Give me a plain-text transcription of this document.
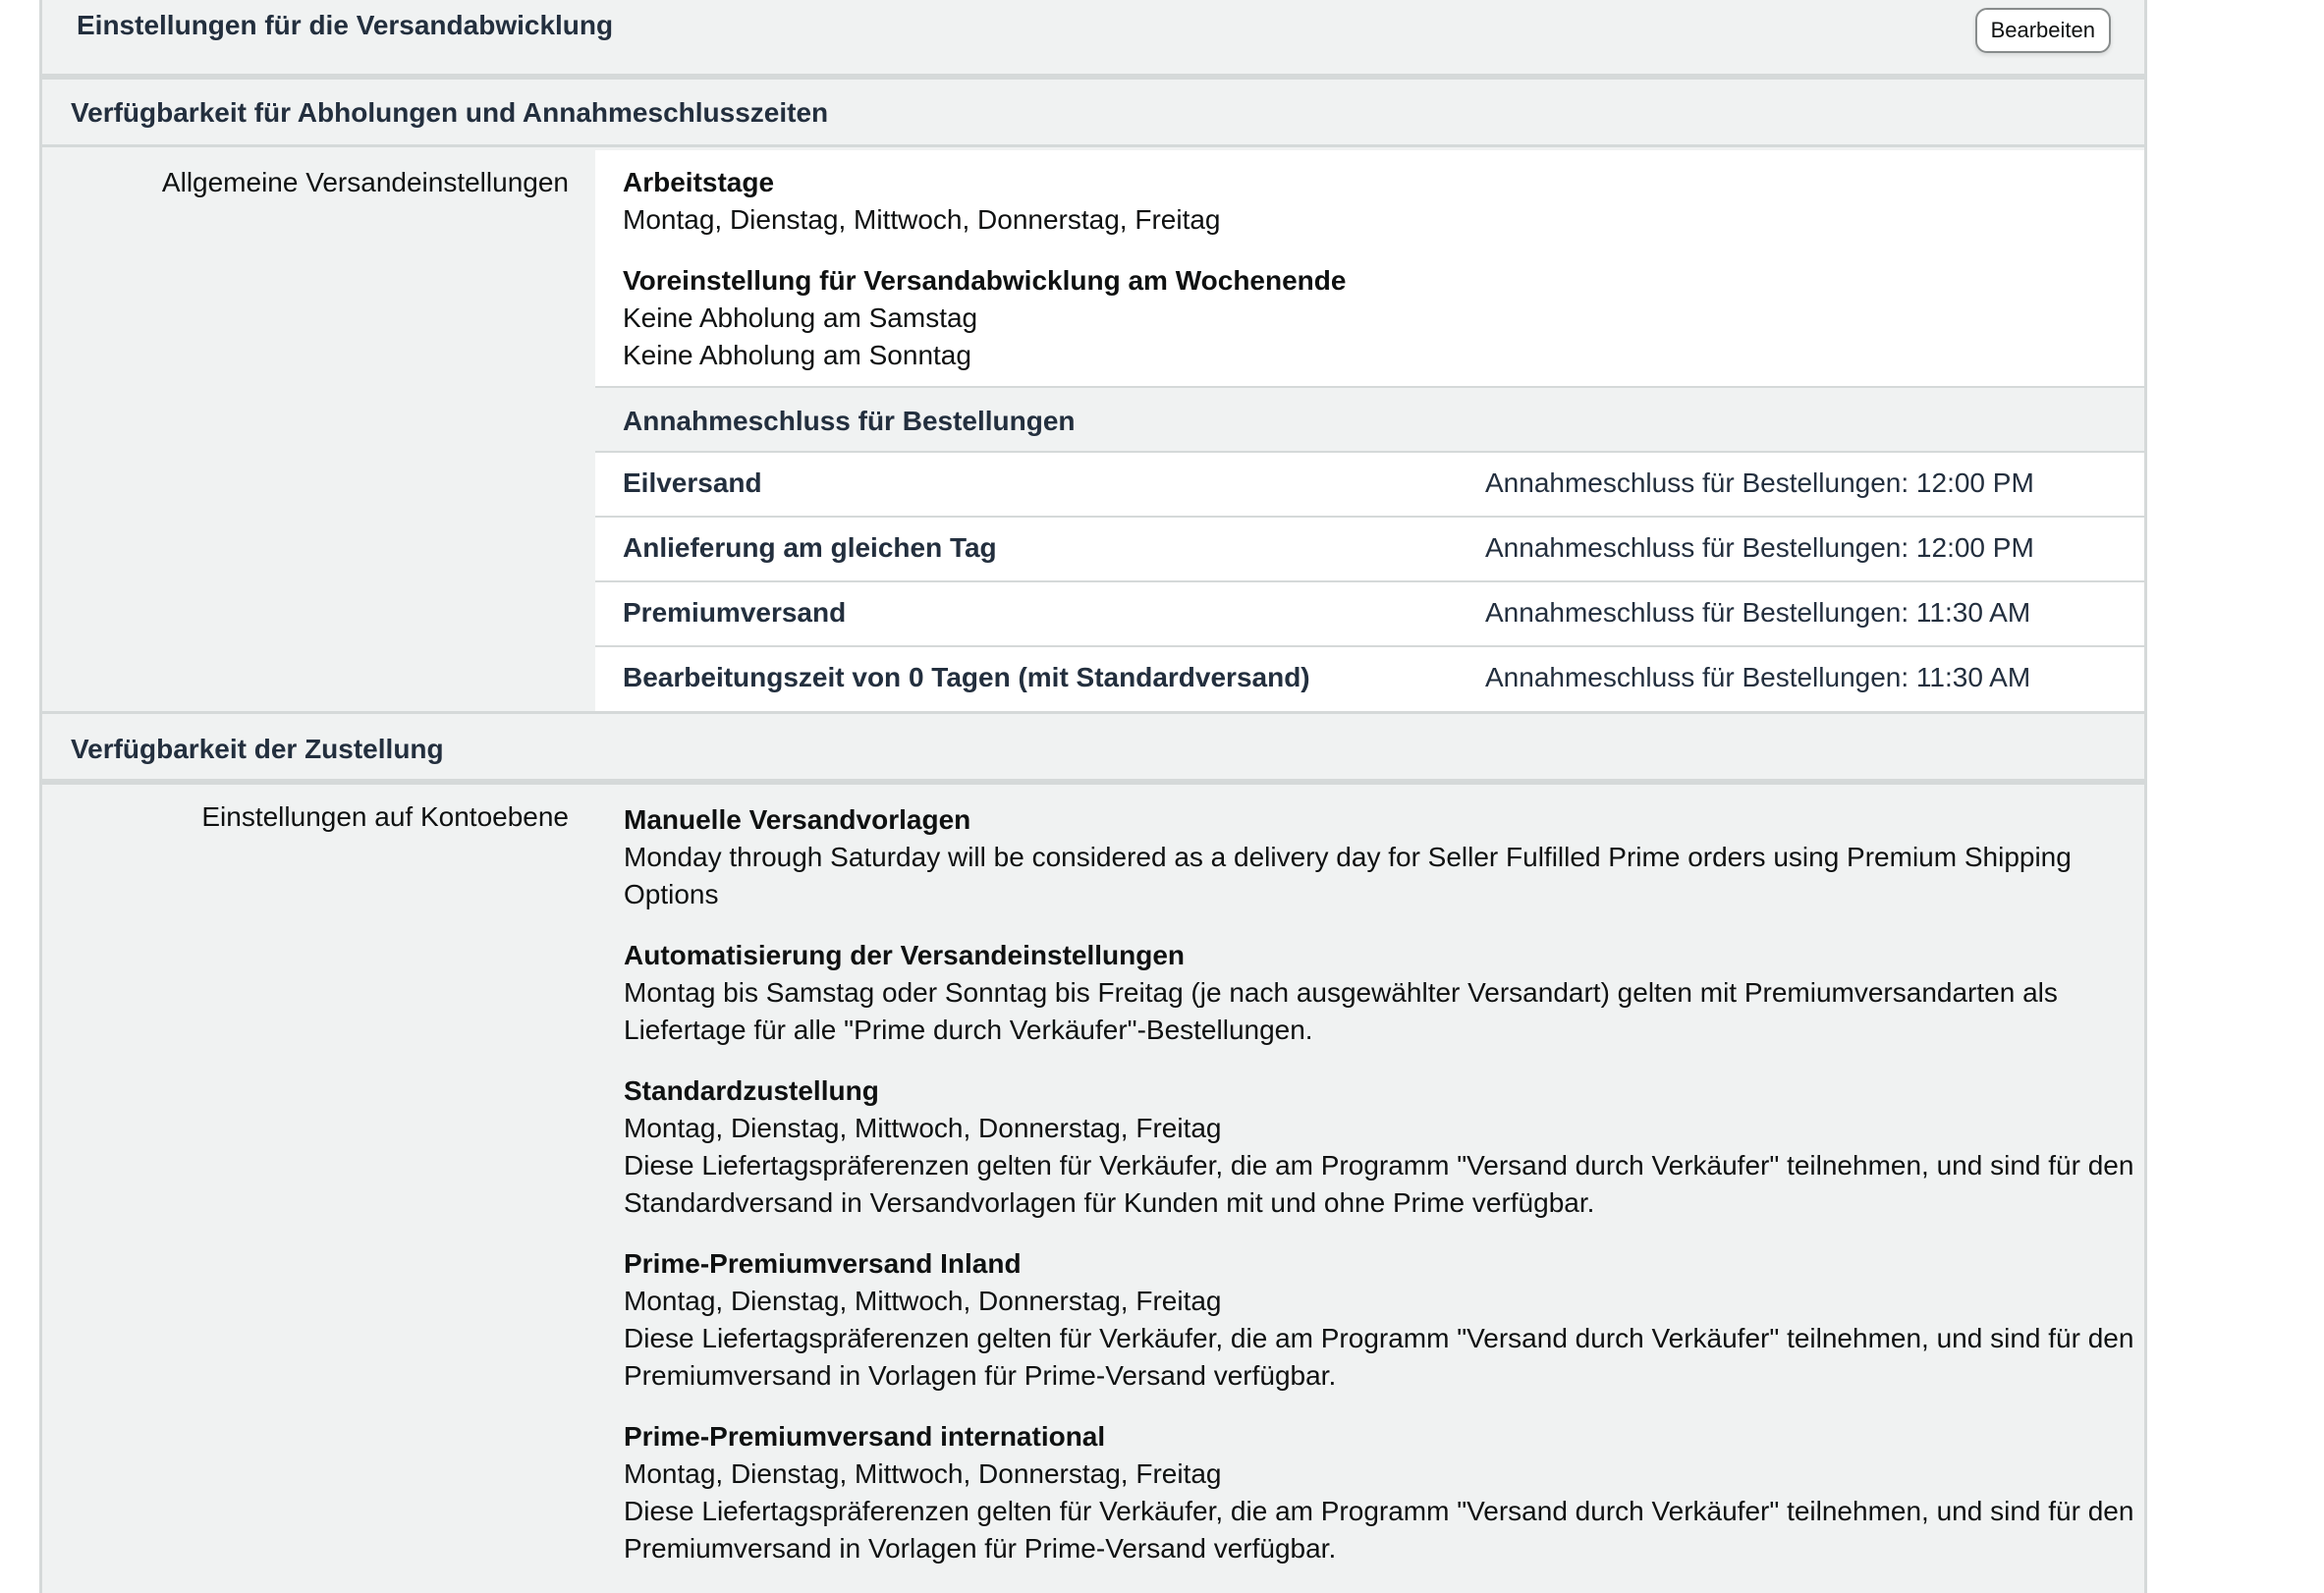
Einstellungen für die Versandabwicklung	Bearbeiten
Verfügbarkeit für Abholungen und Annahmeschlusszeiten
Allgemeine Versandeinstellungen Arbeitstage
Montag, Dienstag, Mittwoch, Donnerstag, Freitag
Voreinstellung für Versandabwicklung am Wochenende
Keine Abholung am Samstag
Keine Abholung am Sonntag
Annahmeschluss für Bestellungen
Eilversand	Annahmeschluss für Bestellungen: 12:00 PM
Anlieferung am gleichen Tag	Annahmeschluss für Bestellungen: 12:00 PM
Premiumversand	Annahmeschluss für Bestellungen: 11:30 AM
Bearbeitungszeit von 0 Tagen (mit Standardversand)	Annahmeschluss für Bestellungen: 11:30 AM
Verfügbarkeit der Zustellung
Einstellungen auf Kontoebene Manuelle Versandvorlagen
Monday through Saturday will be considered as a delivery day for Seller Fulfilled Prime orders using Premium Shipping Options
Automatisierung der Versandeinstellungen
Montag bis Samstag oder Sonntag bis Freitag (je nach ausgewählter Versandart) gelten mit Premiumversandarten als Liefertage für alle "Prime durch Verkäufer"-Bestellungen.
Standardzustellung
Montag, Dienstag, Mittwoch, Donnerstag, Freitag
Diese Liefertagspräferenzen gelten für Verkäufer, die am Programm "Versand durch Verkäufer" teilnehmen, und sind für den Standardversand in Versandvorlagen für Kunden mit und ohne Prime verfügbar.
Prime-Premiumversand Inland
Montag, Dienstag, Mittwoch, Donnerstag, Freitag
Diese Liefertagspräferenzen gelten für Verkäufer, die am Programm "Versand durch Verkäufer" teilnehmen, und sind für den Premiumversand in Vorlagen für Prime-Versand verfügbar.
Prime-Premiumversand international
Montag, Dienstag, Mittwoch, Donnerstag, Freitag
Diese Liefertagspräferenzen gelten für Verkäufer, die am Programm "Versand durch Verkäufer" teilnehmen, und sind für den Premiumversand in Vorlagen für Prime-Versand verfügbar.
